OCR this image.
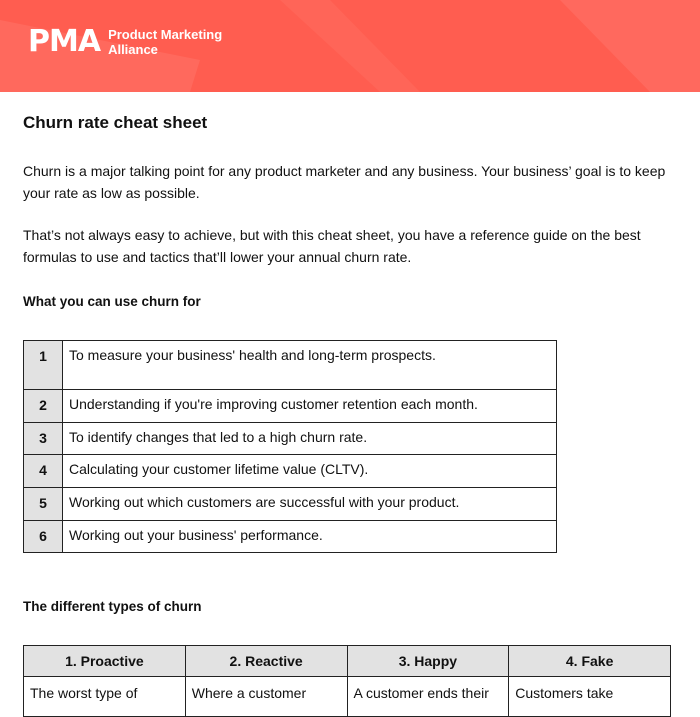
PMA Product Marketing
Alliance
Churn rate cheat sheet

Churn is a major talking point for any product marketer and any business. Your business’ goal is to keep your rate as low as possible.

That’s not always easy to achieve, but with this cheat sheet, you have a reference guide on the best formulas to use and tactics that’ll lower your annual churn rate.

What you can use churn for
1	To measure your business' health and long-term prospects.
2	Understanding if you're improving customer retention each month.
3	To identify changes that led to a high churn rate.
4	Calculating your customer lifetime value (CLTV).
5	Working out which customers are successful with your product.
6	Working out your business' performance.
The different types of churn
1. Proactive	2. Reactive	3. Happy	4. Fake
The worst type of	Where a customer	A customer ends their	Customers take
